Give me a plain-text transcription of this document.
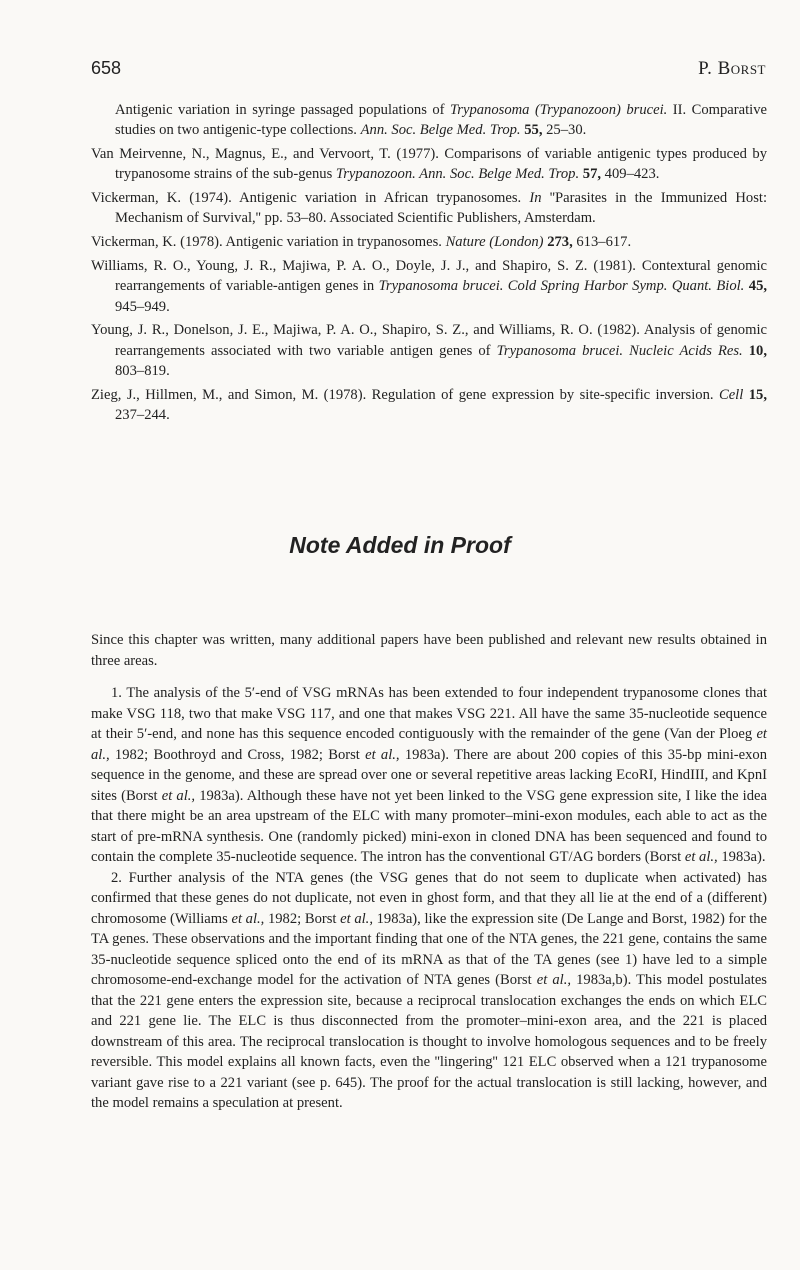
658	P. Borst

Antigenic variation in syringe passaged populations of Trypanosoma (Trypanozoon) brucei. II. Comparative studies on two antigenic-type collections. Ann. Soc. Belge Med. Trop. 55, 25–30.

Van Meirvenne, N., Magnus, E., and Vervoort, T. (1977). Comparisons of variable antigenic types produced by trypanosome strains of the sub-genus Trypanozoon. Ann. Soc. Belge Med. Trop. 57, 409–423.

Vickerman, K. (1974). Antigenic variation in African trypanosomes. In ''Parasites in the Immunized Host: Mechanism of Survival,'' pp. 53–80. Associated Scientific Publishers, Amsterdam.

Vickerman, K. (1978). Antigenic variation in trypanosomes. Nature (London) 273, 613–617.

Williams, R. O., Young, J. R., Majiwa, P. A. O., Doyle, J. J., and Shapiro, S. Z. (1981). Contextural genomic rearrangements of variable-antigen genes in Trypanosoma brucei. Cold Spring Harbor Symp. Quant. Biol. 45, 945–949.

Young, J. R., Donelson, J. E., Majiwa, P. A. O., Shapiro, S. Z., and Williams, R. O. (1982). Analysis of genomic rearrangements associated with two variable antigen genes of Trypanosoma brucei. Nucleic Acids Res. 10, 803–819.

Zieg, J., Hillmen, M., and Simon, M. (1978). Regulation of gene expression by site-specific inversion. Cell 15, 237–244.

Note Added in Proof

Since this chapter was written, many additional papers have been published and relevant new results obtained in three areas.

1. The analysis of the 5′-end of VSG mRNAs has been extended to four independent trypanosome clones that make VSG 118, two that make VSG 117, and one that makes VSG 221. All have the same 35-nucleotide sequence at their 5′-end, and none has this sequence encoded contiguously with the remainder of the gene (Van der Ploeg et al., 1982; Boothroyd and Cross, 1982; Borst et al., 1983a). There are about 200 copies of this 35-bp mini-exon sequence in the genome, and these are spread over one or several repetitive areas lacking EcoRI, HindIII, and KpnI sites (Borst et al., 1983a). Although these have not yet been linked to the VSG gene expression site, I like the idea that there might be an area upstream of the ELC with many promoter–mini-exon modules, each able to act as the start of pre-mRNA synthesis. One (randomly picked) mini-exon in cloned DNA has been sequenced and found to contain the complete 35-nucleotide sequence. The intron has the conventional GT/AG borders (Borst et al., 1983a).

2. Further analysis of the NTA genes (the VSG genes that do not seem to duplicate when activated) has confirmed that these genes do not duplicate, not even in ghost form, and that they all lie at the end of a (different) chromosome (Williams et al., 1982; Borst et al., 1983a), like the expression site (De Lange and Borst, 1982) for the TA genes. These observations and the important finding that one of the NTA genes, the 221 gene, contains the same 35-nucleotide sequence spliced onto the end of its mRNA as that of the TA genes (see 1) have led to a simple chromosome-end-exchange model for the activation of NTA genes (Borst et al., 1983a,b). This model postulates that the 221 gene enters the expression site, because a reciprocal translocation exchanges the ends on which ELC and 221 gene lie. The ELC is thus disconnected from the promoter–mini-exon area, and the 221 is placed downstream of this area. The reciprocal translocation is thought to involve homologous sequences and to be freely reversible. This model explains all known facts, even the ''lingering'' 121 ELC observed when a 121 trypanosome variant gave rise to a 221 variant (see p. 645). The proof for the actual translocation is still lacking, however, and the model remains a speculation at present.
